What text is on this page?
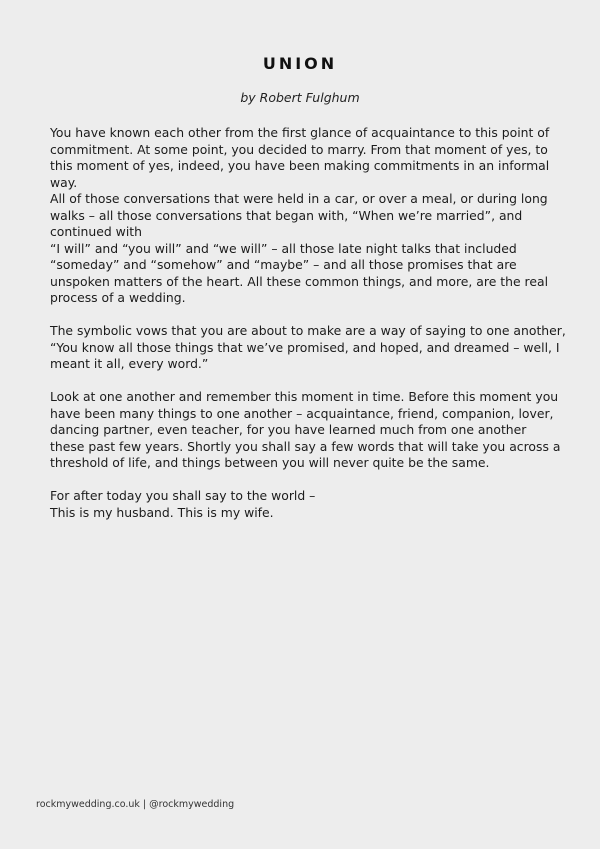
UNION
by Robert Fulghum

You have known each other from the first glance of acquaintance to this point of
commitment. At some point, you decided to marry. From that moment of yes, to
this moment of yes, indeed, you have been making commitments in an informal
way.
All of those conversations that were held in a car, or over a meal, or during long
walks – all those conversations that began with, “When we’re married”, and
continued with
“I will” and “you will” and “we will” – all those late night talks that included
“someday” and “somehow” and “maybe” – and all those promises that are
unspoken matters of the heart. All these common things, and more, are the real
process of a wedding.

The symbolic vows that you are about to make are a way of saying to one another,
“You know all those things that we’ve promised, and hoped, and dreamed – well, I
meant it all, every word.”

Look at one another and remember this moment in time. Before this moment you
have been many things to one another – acquaintance, friend, companion, lover,
dancing partner, even teacher, for you have learned much from one another
these past few years. Shortly you shall say a few words that will take you across a
threshold of life, and things between you will never quite be the same.

For after today you shall say to the world –
This is my husband. This is my wife.

rockmywedding.co.uk | @rockmywedding
